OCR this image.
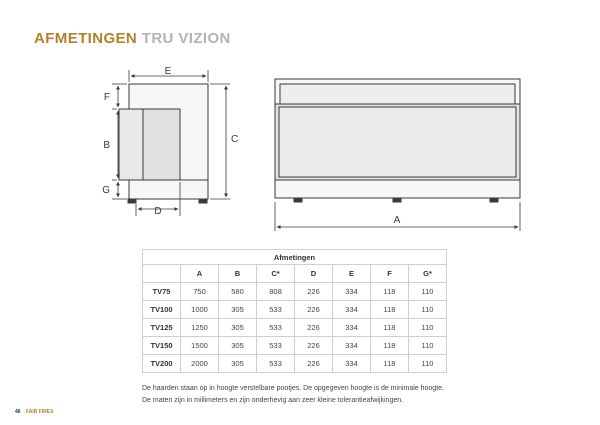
AFMETINGEN TRU VIZION
E
F
B
G
C
D
A
Afmetingen							
	A	B	C*	D	E	F	G*
TV75	750	580	808	226	334	118	110
TV100	1000	305	533	226	334	118	110
TV125	1250	305	533	226	334	118	110
TV150	1500	305	533	226	334	118	110
TV200	2000	305	533	226	334	118	110
De haarden staan op in hoogte verstelbare pootjes. De opgegeven hoogte is de minimale hoogte.
De maten zijn in millimeters en zijn onderhevig aan zeer kleine tolerantieafwijkingen.
46 FAIR FIRES
